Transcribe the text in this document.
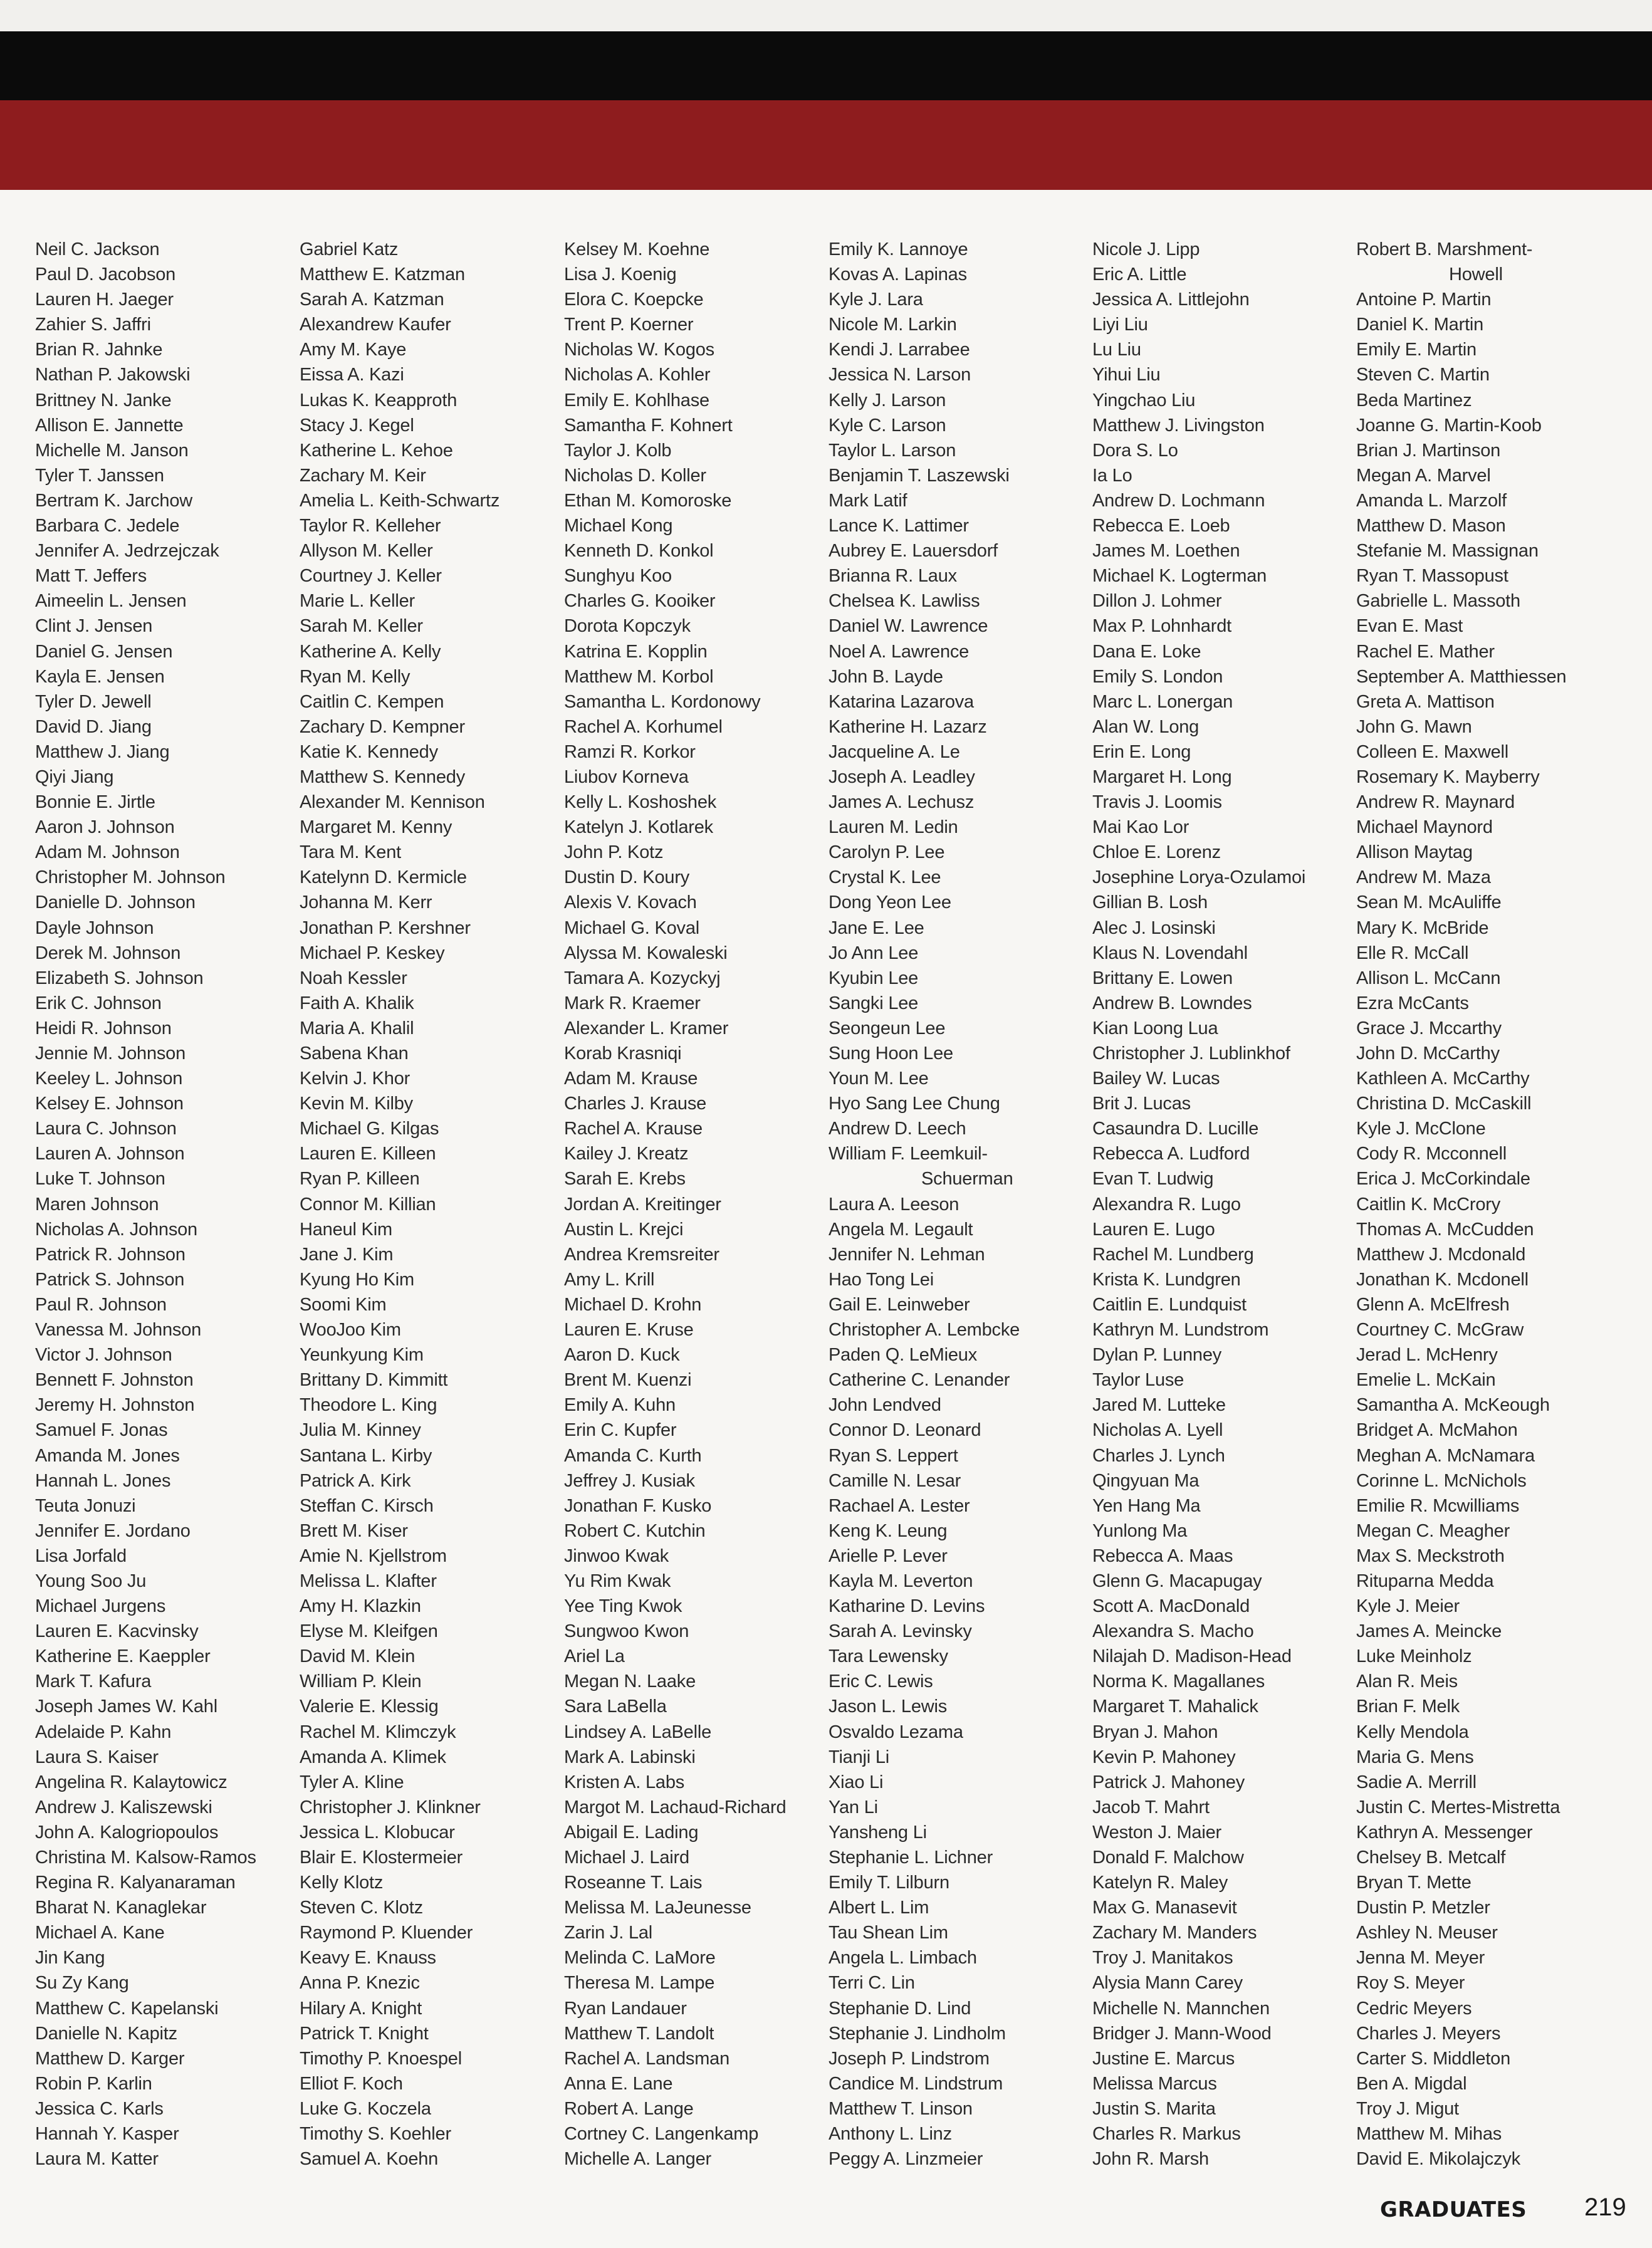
Neil C. Jackson
Paul D. Jacobson
Lauren H. Jaeger
Zahier S. Jaffri
Brian R. Jahnke
Nathan P. Jakowski
Brittney N. Janke
Allison E. Jannette
Michelle M. Janson
Tyler T. Janssen
Bertram K. Jarchow
Barbara C. Jedele
Jennifer A. Jedrzejczak
Matt T. Jeffers
Aimeelin L. Jensen
Clint J. Jensen
Daniel G. Jensen
Kayla E. Jensen
Tyler D. Jewell
David D. Jiang
Matthew J. Jiang
Qiyi Jiang
Bonnie E. Jirtle
Aaron J. Johnson
Adam M. Johnson
Christopher M. Johnson
Danielle D. Johnson
Dayle Johnson
Derek M. Johnson
Elizabeth S. Johnson
Erik C. Johnson
Heidi R. Johnson
Jennie M. Johnson
Keeley L. Johnson
Kelsey E. Johnson
Laura C. Johnson
Lauren A. Johnson
Luke T. Johnson
Maren Johnson
Nicholas A. Johnson
Patrick R. Johnson
Patrick S. Johnson
Paul R. Johnson
Vanessa M. Johnson
Victor J. Johnson
Bennett F. Johnston
Jeremy H. Johnston
Samuel F. Jonas
Amanda M. Jones
Hannah L. Jones
Teuta Jonuzi
Jennifer E. Jordano
Lisa Jorfald
Young Soo Ju
Michael Jurgens
Lauren E. Kacvinsky
Katherine E. Kaeppler
Mark T. Kafura
Joseph James W. Kahl
Adelaide P. Kahn
Laura S. Kaiser
Angelina R. Kalaytowicz
Andrew J. Kaliszewski
John A. Kalogriopoulos
Christina M. Kalsow-Ramos
Regina R. Kalyanaraman
Bharat N. Kanaglekar
Michael A. Kane
Jin Kang
Su Zy Kang
Matthew C. Kapelanski
Danielle N. Kapitz
Matthew D. Karger
Robin P. Karlin
Jessica C. Karls
Hannah Y. Kasper
Laura M. Katter
Gabriel Katz
Matthew E. Katzman
Sarah A. Katzman
Alexandrew Kaufer
Amy M. Kaye
Eissa A. Kazi
Lukas K. Keapproth
Stacy J. Kegel
Katherine L. Kehoe
Zachary M. Keir
Amelia L. Keith-Schwartz
Taylor R. Kelleher
Allyson M. Keller
Courtney J. Keller
Marie L. Keller
Sarah M. Keller
Katherine A. Kelly
Ryan M. Kelly
Caitlin C. Kempen
Zachary D. Kempner
Katie K. Kennedy
Matthew S. Kennedy
Alexander M. Kennison
Margaret M. Kenny
Tara M. Kent
Katelynn D. Kermicle
Johanna M. Kerr
Jonathan P. Kershner
Michael P. Keskey
Noah Kessler
Faith A. Khalik
Maria A. Khalil
Sabena Khan
Kelvin J. Khor
Kevin M. Kilby
Michael G. Kilgas
Lauren E. Killeen
Ryan P. Killeen
Connor M. Killian
Haneul Kim
Jane J. Kim
Kyung Ho Kim
Soomi Kim
WooJoo Kim
Yeunkyung Kim
Brittany D. Kimmitt
Theodore L. King
Julia M. Kinney
Santana L. Kirby
Patrick A. Kirk
Steffan C. Kirsch
Brett M. Kiser
Amie N. Kjellstrom
Melissa L. Klafter
Amy H. Klazkin
Elyse M. Kleifgen
David M. Klein
William P. Klein
Valerie E. Klessig
Rachel M. Klimczyk
Amanda A. Klimek
Tyler A. Kline
Christopher J. Klinkner
Jessica L. Klobucar
Blair E. Klostermeier
Kelly Klotz
Steven C. Klotz
Raymond P. Kluender
Keavy E. Knauss
Anna P. Knezic
Hilary A. Knight
Patrick T. Knight
Timothy P. Knoespel
Elliot F. Koch
Luke G. Koczela
Timothy S. Koehler
Samuel A. Koehn
Kelsey M. Koehne
Lisa J. Koenig
Elora C. Koepcke
Trent P. Koerner
Nicholas W. Kogos
Nicholas A. Kohler
Emily E. Kohlhase
Samantha F. Kohnert
Taylor J. Kolb
Nicholas D. Koller
Ethan M. Komoroske
Michael Kong
Kenneth D. Konkol
Sunghyu Koo
Charles G. Kooiker
Dorota Kopczyk
Katrina E. Kopplin
Matthew M. Korbol
Samantha L. Kordonowy
Rachel A. Korhumel
Ramzi R. Korkor
Liubov Korneva
Kelly L. Koshoshek
Katelyn J. Kotlarek
John P. Kotz
Dustin D. Koury
Alexis V. Kovach
Michael G. Koval
Alyssa M. Kowaleski
Tamara A. Kozyckyj
Mark R. Kraemer
Alexander L. Kramer
Korab Krasniqi
Adam M. Krause
Charles J. Krause
Rachel A. Krause
Kailey J. Kreatz
Sarah E. Krebs
Jordan A. Kreitinger
Austin L. Krejci
Andrea Kremsreiter
Amy L. Krill
Michael D. Krohn
Lauren E. Kruse
Aaron D. Kuck
Brent M. Kuenzi
Emily A. Kuhn
Erin C. Kupfer
Amanda C. Kurth
Jeffrey J. Kusiak
Jonathan F. Kusko
Robert C. Kutchin
Jinwoo Kwak
Yu Rim Kwak
Yee Ting Kwok
Sungwoo Kwon
Ariel La
Megan N. Laake
Sara LaBella
Lindsey A. LaBelle
Mark A. Labinski
Kristen A. Labs
Margot M. Lachaud-Richard
Abigail E. Lading
Michael J. Laird
Roseanne T. Lais
Melissa M. LaJeunesse
Zarin J. Lal
Melinda C. LaMore
Theresa M. Lampe
Ryan Landauer
Matthew T. Landolt
Rachel A. Landsman
Anna E. Lane
Robert A. Lange
Cortney C. Langenkamp
Michelle A. Langer
Emily K. Lannoye
Kovas A. Lapinas
Kyle J. Lara
Nicole M. Larkin
Kendi J. Larrabee
Jessica N. Larson
Kelly J. Larson
Kyle C. Larson
Taylor L. Larson
Benjamin T. Laszewski
Mark Latif
Lance K. Lattimer
Aubrey E. Lauersdorf
Brianna R. Laux
Chelsea K. Lawliss
Daniel W. Lawrence
Noel A. Lawrence
John B. Layde
Katarina Lazarova
Katherine H. Lazarz
Jacqueline A. Le
Joseph A. Leadley
James A. Lechusz
Lauren M. Ledin
Carolyn P. Lee
Crystal K. Lee
Dong Yeon Lee
Jane E. Lee
Jo Ann Lee
Kyubin Lee
Sangki Lee
Seongeun Lee
Sung Hoon Lee
Youn M. Lee
Hyo Sang Lee Chung
Andrew D. Leech
William F. Leemkuil-
Schuerman
Laura A. Leeson
Angela M. Legault
Jennifer N. Lehman
Hao Tong Lei
Gail E. Leinweber
Christopher A. Lembcke
Paden Q. LeMieux
Catherine C. Lenander
John Lendved
Connor D. Leonard
Ryan S. Leppert
Camille N. Lesar
Rachael A. Lester
Keng K. Leung
Arielle P. Lever
Kayla M. Leverton
Katharine D. Levins
Sarah A. Levinsky
Tara Lewensky
Eric C. Lewis
Jason L. Lewis
Osvaldo Lezama
Tianji Li
Xiao Li
Yan Li
Yansheng Li
Stephanie L. Lichner
Emily T. Lilburn
Albert L. Lim
Tau Shean Lim
Angela L. Limbach
Terri C. Lin
Stephanie D. Lind
Stephanie J. Lindholm
Joseph P. Lindstrom
Candice M. Lindstrum
Matthew T. Linson
Anthony L. Linz
Peggy A. Linzmeier
Nicole J. Lipp
Eric A. Little
Jessica A. Littlejohn
Liyi Liu
Lu Liu
Yihui Liu
Yingchao Liu
Matthew J. Livingston
Dora S. Lo
Ia Lo
Andrew D. Lochmann
Rebecca E. Loeb
James M. Loethen
Michael K. Logterman
Dillon J. Lohmer
Max P. Lohnhardt
Dana E. Loke
Emily S. London
Marc L. Lonergan
Alan W. Long
Erin E. Long
Margaret H. Long
Travis J. Loomis
Mai Kao Lor
Chloe E. Lorenz
Josephine Lorya-Ozulamoi
Gillian B. Losh
Alec J. Losinski
Klaus N. Lovendahl
Brittany E. Lowen
Andrew B. Lowndes
Kian Loong Lua
Christopher J. Lublinkhof
Bailey W. Lucas
Brit J. Lucas
Casaundra D. Lucille
Rebecca A. Ludford
Evan T. Ludwig
Alexandra R. Lugo
Lauren E. Lugo
Rachel M. Lundberg
Krista K. Lundgren
Caitlin E. Lundquist
Kathryn M. Lundstrom
Dylan P. Lunney
Taylor Luse
Jared M. Lutteke
Nicholas A. Lyell
Charles J. Lynch
Qingyuan Ma
Yen Hang Ma
Yunlong Ma
Rebecca A. Maas
Glenn G. Macapugay
Scott A. MacDonald
Alexandra S. Macho
Nilajah D. Madison-Head
Norma K. Magallanes
Margaret T. Mahalick
Bryan J. Mahon
Kevin P. Mahoney
Patrick J. Mahoney
Jacob T. Mahrt
Weston J. Maier
Donald F. Malchow
Katelyn R. Maley
Max G. Manasevit
Zachary M. Manders
Troy J. Manitakos
Alysia Mann Carey
Michelle N. Mannchen
Bridger J. Mann-Wood
Justine E. Marcus
Melissa Marcus
Justin S. Marita
Charles R. Markus
John R. Marsh
Robert B. Marshment-
Howell
Antoine P. Martin
Daniel K. Martin
Emily E. Martin
Steven C. Martin
Beda Martinez
Joanne G. Martin-Koob
Brian J. Martinson
Megan A. Marvel
Amanda L. Marzolf
Matthew D. Mason
Stefanie M. Massignan
Ryan T. Massopust
Gabrielle L. Massoth
Evan E. Mast
Rachel E. Mather
September A. Matthiessen
Greta A. Mattison
John G. Mawn
Colleen E. Maxwell
Rosemary K. Mayberry
Andrew R. Maynard
Michael Maynord
Allison Maytag
Andrew M. Maza
Sean M. McAuliffe
Mary K. McBride
Elle R. McCall
Allison L. McCann
Ezra McCants
Grace J. Mccarthy
John D. McCarthy
Kathleen A. McCarthy
Christina D. McCaskill
Kyle J. McClone
Cody R. Mcconnell
Erica J. McCorkindale
Caitlin K. McCrory
Thomas A. McCudden
Matthew J. Mcdonald
Jonathan K. Mcdonell
Glenn A. McElfresh
Courtney C. McGraw
Jerad L. McHenry
Emelie L. McKain
Samantha A. McKeough
Bridget A. McMahon
Meghan A. McNamara
Corinne L. McNichols
Emilie R. Mcwilliams
Megan C. Meagher
Max S. Meckstroth
Rituparna Medda
Kyle J. Meier
James A. Meincke
Luke Meinholz
Alan R. Meis
Brian F. Melk
Kelly Mendola
Maria G. Mens
Sadie A. Merrill
Justin C. Mertes-Mistretta
Kathryn A. Messenger
Chelsey B. Metcalf
Bryan T. Mette
Dustin P. Metzler
Ashley N. Meuser
Jenna M. Meyer
Roy S. Meyer
Cedric Meyers
Charles J. Meyers
Carter S. Middleton
Ben A. Migdal
Troy J. Migut
Matthew M. Mihas
David E. Mikolajczyk
GRADUATES 219
